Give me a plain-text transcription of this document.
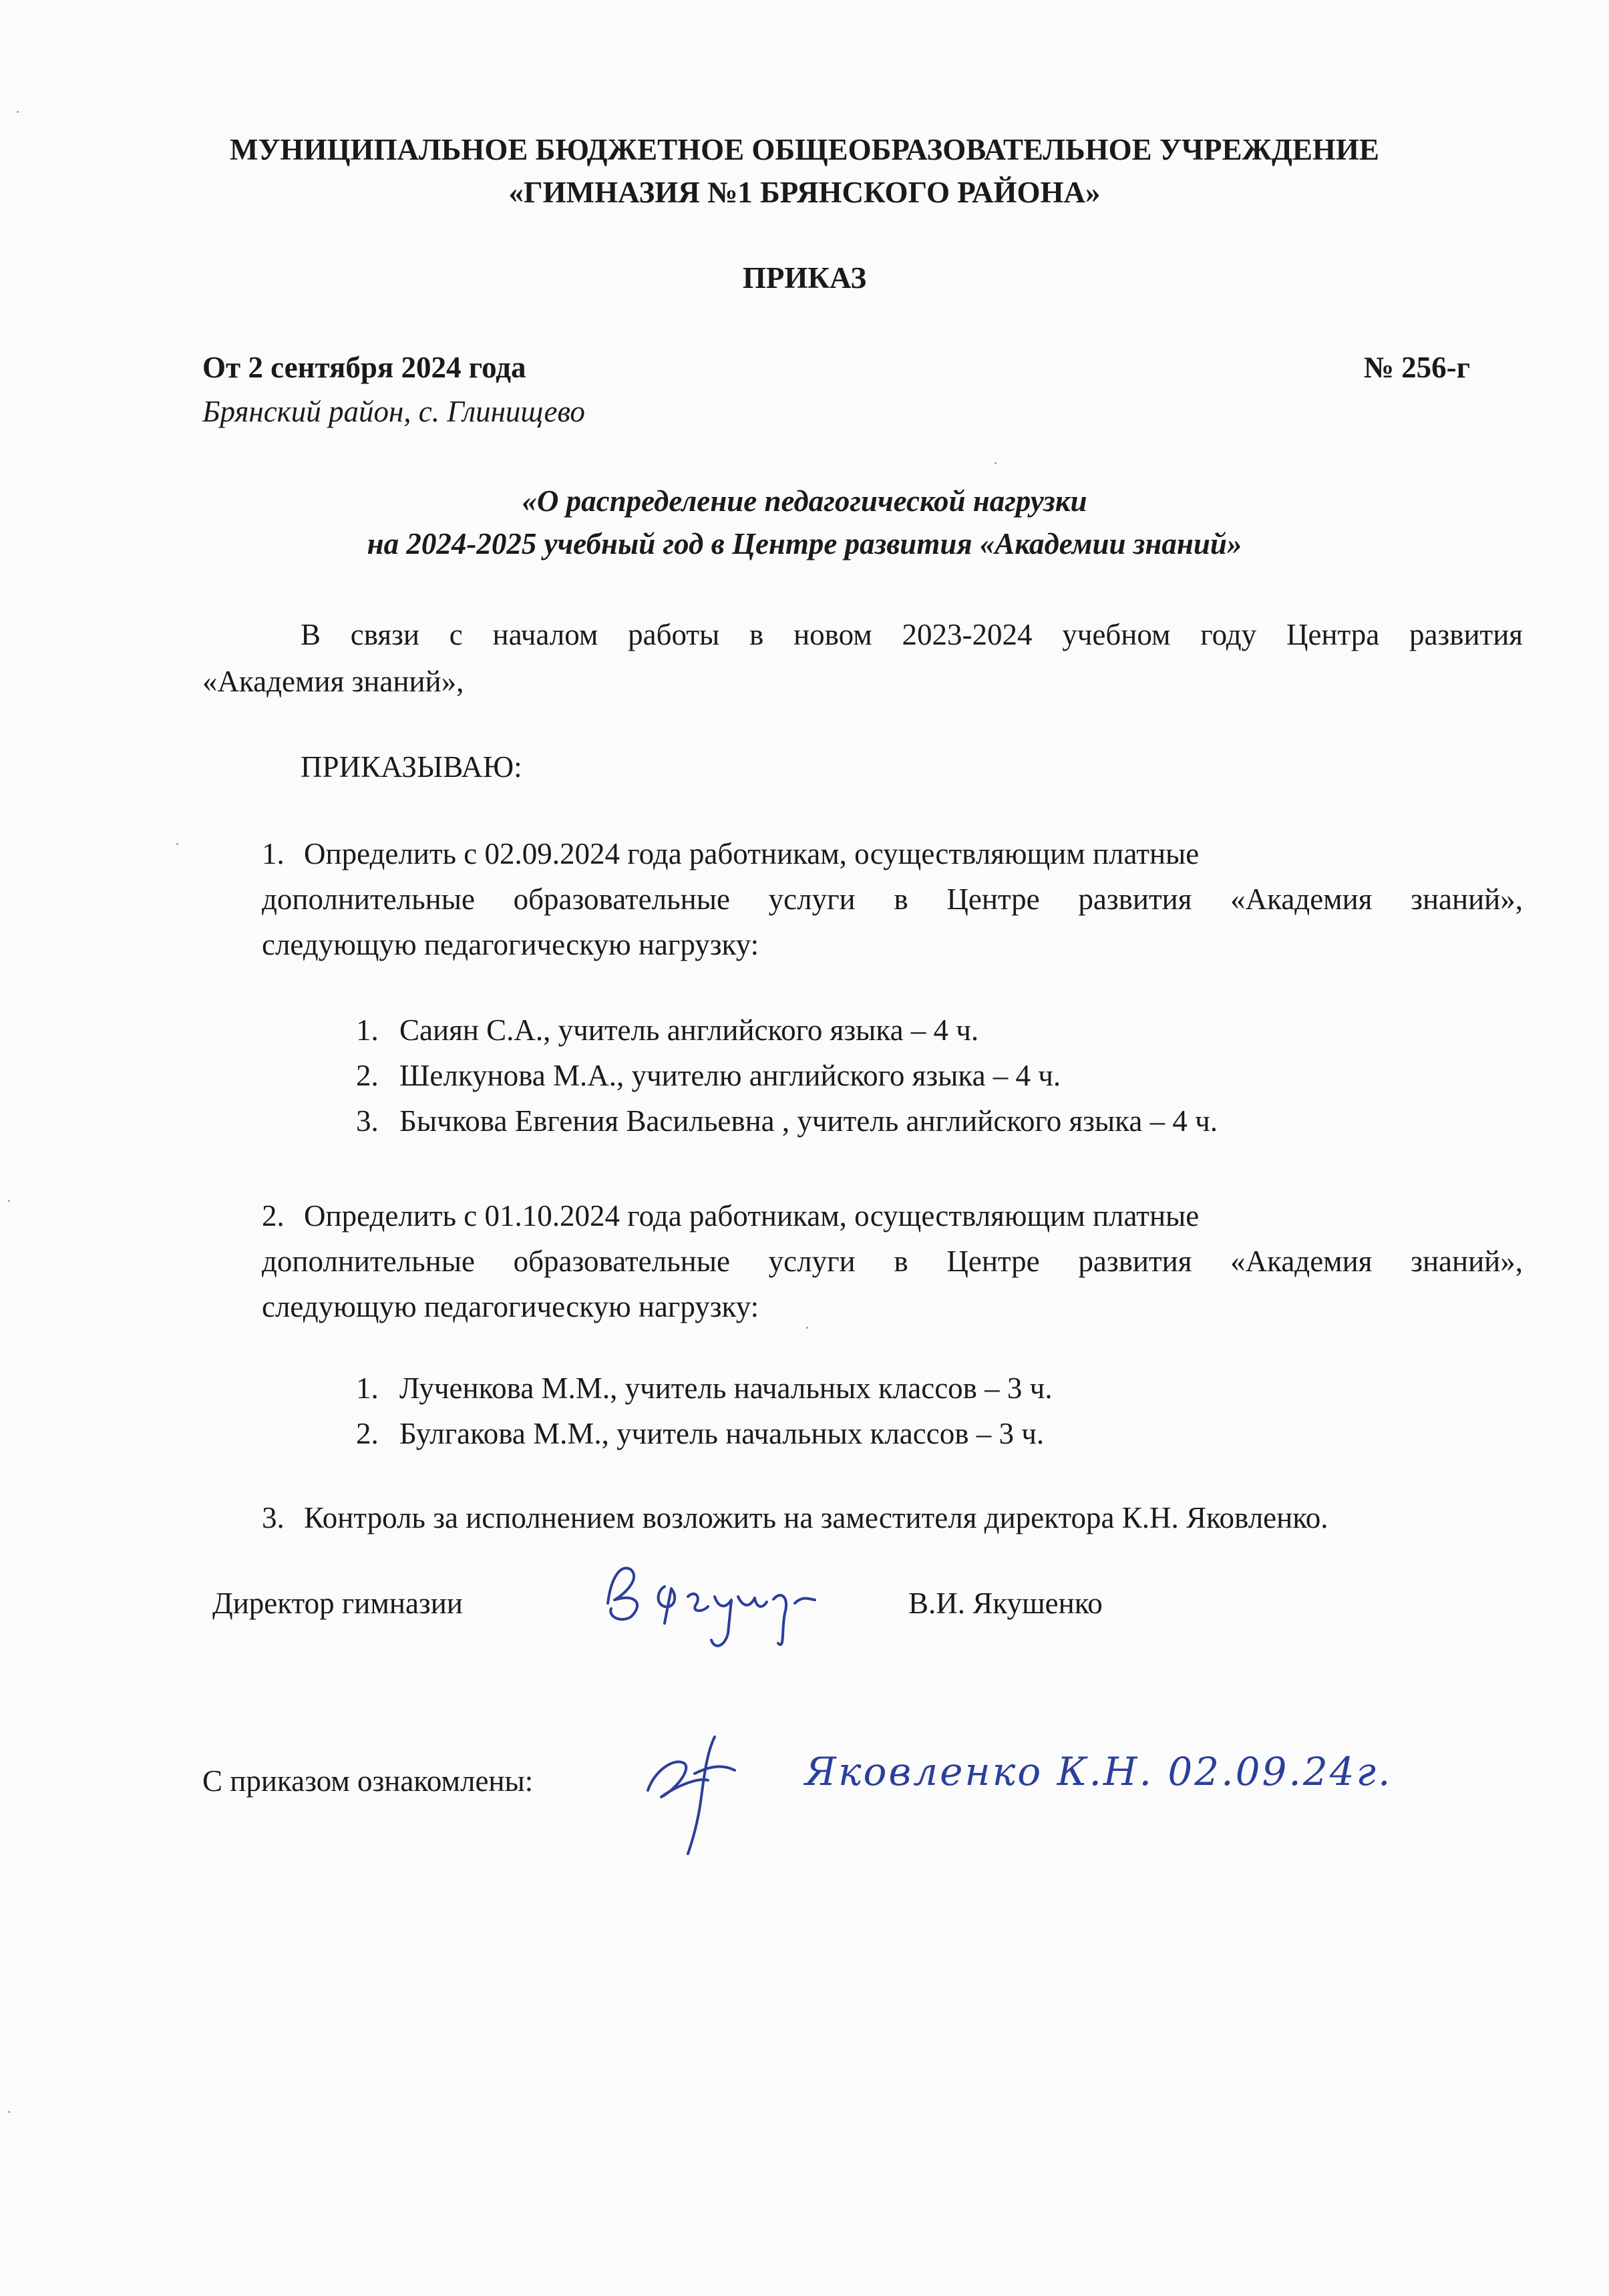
МУНИЦИПАЛЬНОЕ БЮДЖЕТНОЕ ОБЩЕОБРАЗОВАТЕЛЬНОЕ УЧРЕЖДЕНИЕ
«ГИМНАЗИЯ №1 БРЯНСКОГО РАЙОНА»
ПРИКАЗ
От 2 сентября 2024 года	№ 256-г
Брянский район, с. Глинищево
«О распределение педагогической нагрузки
на 2024-2025 учебный год в Центре развития «Академии знаний»
В связи с началом работы в новом 2023-2024 учебном году Центра развития
«Академия знаний»,
ПРИКАЗЫВАЮ:
1. Определить с 02.09.2024 года работникам, осуществляющим платные
дополнительные образовательные услуги в Центре развития «Академия знаний»,
следующую педагогическую нагрузку:
1. Саиян С.А., учитель английского языка – 4 ч.
2. Шелкунова М.А., учителю английского языка – 4 ч.
3. Бычкова Евгения Васильевна , учитель английского языка – 4 ч.
2. Определить с 01.10.2024 года работникам, осуществляющим платные
дополнительные образовательные услуги в Центре развития «Академия знаний»,
следующую педагогическую нагрузку:
1. Лученкова М.М., учитель начальных классов – 3 ч.
2. Булгакова М.М., учитель начальных классов – 3 ч.
3. Контроль за исполнением возложить на заместителя директора К.Н. Яковленко.
Директор гимназии	В.И. Якушенко
С приказом ознакомлены:	Яковленко К.Н. 02.09.24г.
